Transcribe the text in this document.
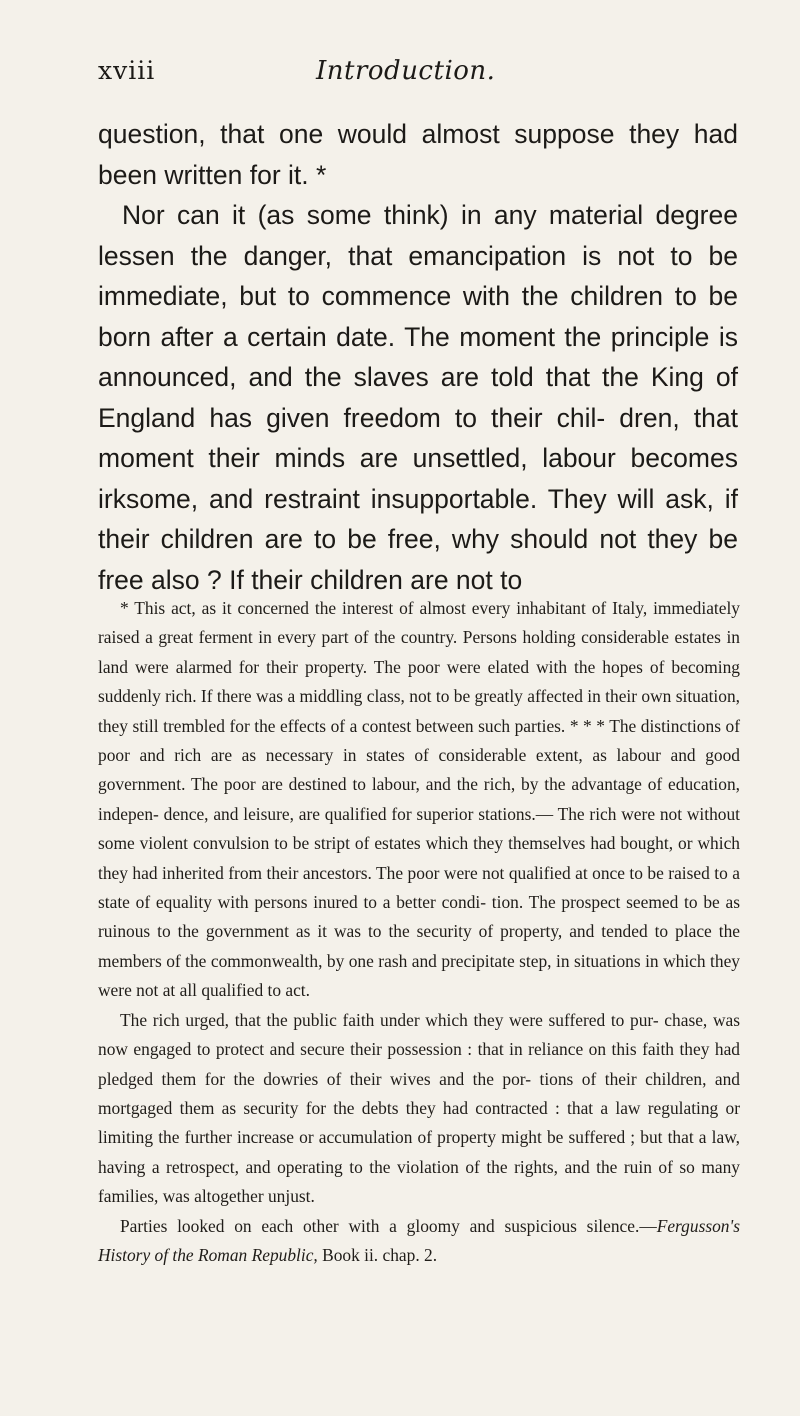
xviii	Introduction.

question, that one would almost suppose they had been written for it. *

Nor can it (as some think) in any material degree lessen the danger, that emancipation is not to be immediate, but to commence with the children to be born after a certain date. The moment the principle is announced, and the slaves are told that the King of England has given freedom to their chil- dren, that moment their minds are unsettled, labour becomes irksome, and restraint insupportable. They will ask, if their children are to be free, why should not they be free also ? If their children are not to

* This act, as it concerned the interest of almost every inhabitant of Italy, immediately raised a great ferment in every part of the country. Persons holding considerable estates in land were alarmed for their property. The poor were elated with the hopes of becoming suddenly rich. If there was a middling class, not to be greatly affected in their own situation, they still trembled for the effects of a contest between such parties. * * * The distinctions of poor and rich are as necessary in states of considerable extent, as labour and good government. The poor are destined to labour, and the rich, by the advantage of education, indepen- dence, and leisure, are qualified for superior stations.— The rich were not without some violent convulsion to be stript of estates which they themselves had bought, or which they had inherited from their ancestors. The poor were not qualified at once to be raised to a state of equality with persons inured to a better condi- tion. The prospect seemed to be as ruinous to the government as it was to the security of property, and tended to place the members of the commonwealth, by one rash and precipitate step, in situations in which they were not at all qualified to act.

The rich urged, that the public faith under which they were suffered to pur- chase, was now engaged to protect and secure their possession : that in reliance on this faith they had pledged them for the dowries of their wives and the por- tions of their children, and mortgaged them as security for the debts they had contracted : that a law regulating or limiting the further increase or accumulation of property might be suffered ; but that a law, having a retrospect, and operating to the violation of the rights, and the ruin of so many families, was altogether unjust.

Parties looked on each other with a gloomy and suspicious silence.—Fergusson's History of the Roman Republic, Book ii. chap. 2.
